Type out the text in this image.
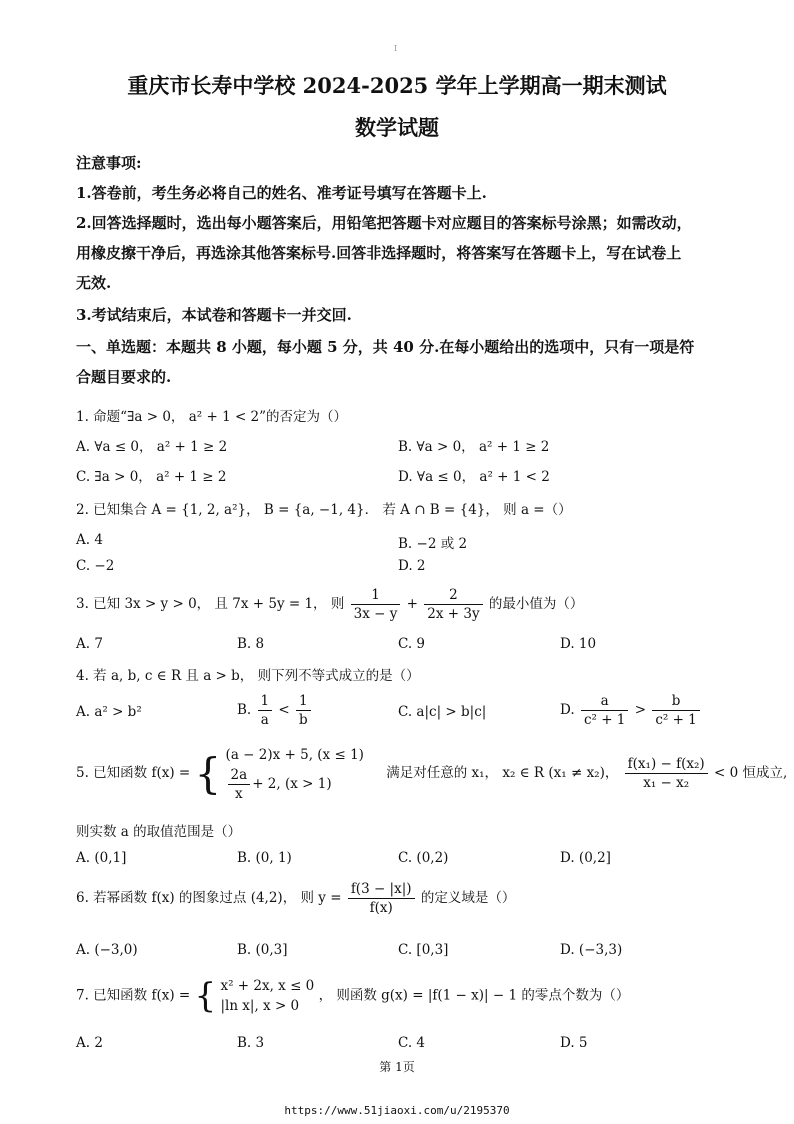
I
重庆市长寿中学校 2024-2025 学年上学期高一期末测试
数学试题
注意事项:
1.答卷前，考生务必将自己的姓名、准考证号填写在答题卡上.
2.回答选择题时，选出每小题答案后，用铅笔把答题卡对应题目的答案标号涂黑；如需改动，
用橡皮擦干净后，再选涂其他答案标号.回答非选择题时，将答案写在答题卡上，写在试卷上
无效.
3.考试结束后，本试卷和答题卡一并交回.
一、单选题：本题共 8 小题，每小题 5 分，共 40 分.在每小题给出的选项中，只有一项是符
合题目要求的.
1. 命题“∃a > 0， a² + 1 < 2”的否定为（）
A. ∀a ≤ 0， a² + 1 ≥ 2	B. ∀a > 0， a² + 1 ≥ 2
C. ∃a > 0， a² + 1 ≥ 2	D. ∀a ≤ 0， a² + 1 < 2
2. 已知集合 A = {1, 2, a²}， B = {a, −1, 4}． 若 A ∩ B = {4}， 则 a =（）
A. 4	B. −2 或 2
C. −2	D. 2
3. 已知 3x > y > 0， 且 7x + 5y = 1， 则 $\frac{1}{3x - y} + \frac{2}{2x + 3y}$ 的最小值为（）
A. 7	B. 8	C. 9	D. 10
4. 若 a, b, c ∈ R 且 a > b， 则下列不等式成立的是（）
A. a² > b²	B. $\frac{1}{a} < \frac{1}{b}$	C. a|c| > b|c|	D. $\frac{a}{\text{c² + 1}} > \frac{b}{\text{c² + 1}}$
5. 已知函数 f(x) = { (a − 2)x + 5, (x ≤ 1)
$\frac{2a}{x} + 2$, (x > 1)
满足对任意的 x₁， x₂ ∈ R (x₁ ≠ x₂)， $\frac{\text{f(x₁) − f(x₂)}}{\text{x₁ − x₂}} < 0$ 恒成立,
则实数 a 的取值范围是（）
A. (0,1]	B. (0, 1)	C. (0,2)	D. (0,2]
6. 若幂函数 f(x) 的图象过点 (4,2)， 则 $y = \frac{f(3 - |x|)}{f(x)}$ 的定义域是（）
A. (−3,0)	B. (0,3]	C. [0,3]	D. (−3,3)
7. 已知函数 f(x) = { x² + 2x, x ≤ 0
|ln x|, x > 0
， 则函数 g(x) = |f(1 − x)| − 1 的零点个数为（）
A. 2	B. 3	C. 4	D. 5
第 1页
https://www.51jiaoxi.com/u/2195370
